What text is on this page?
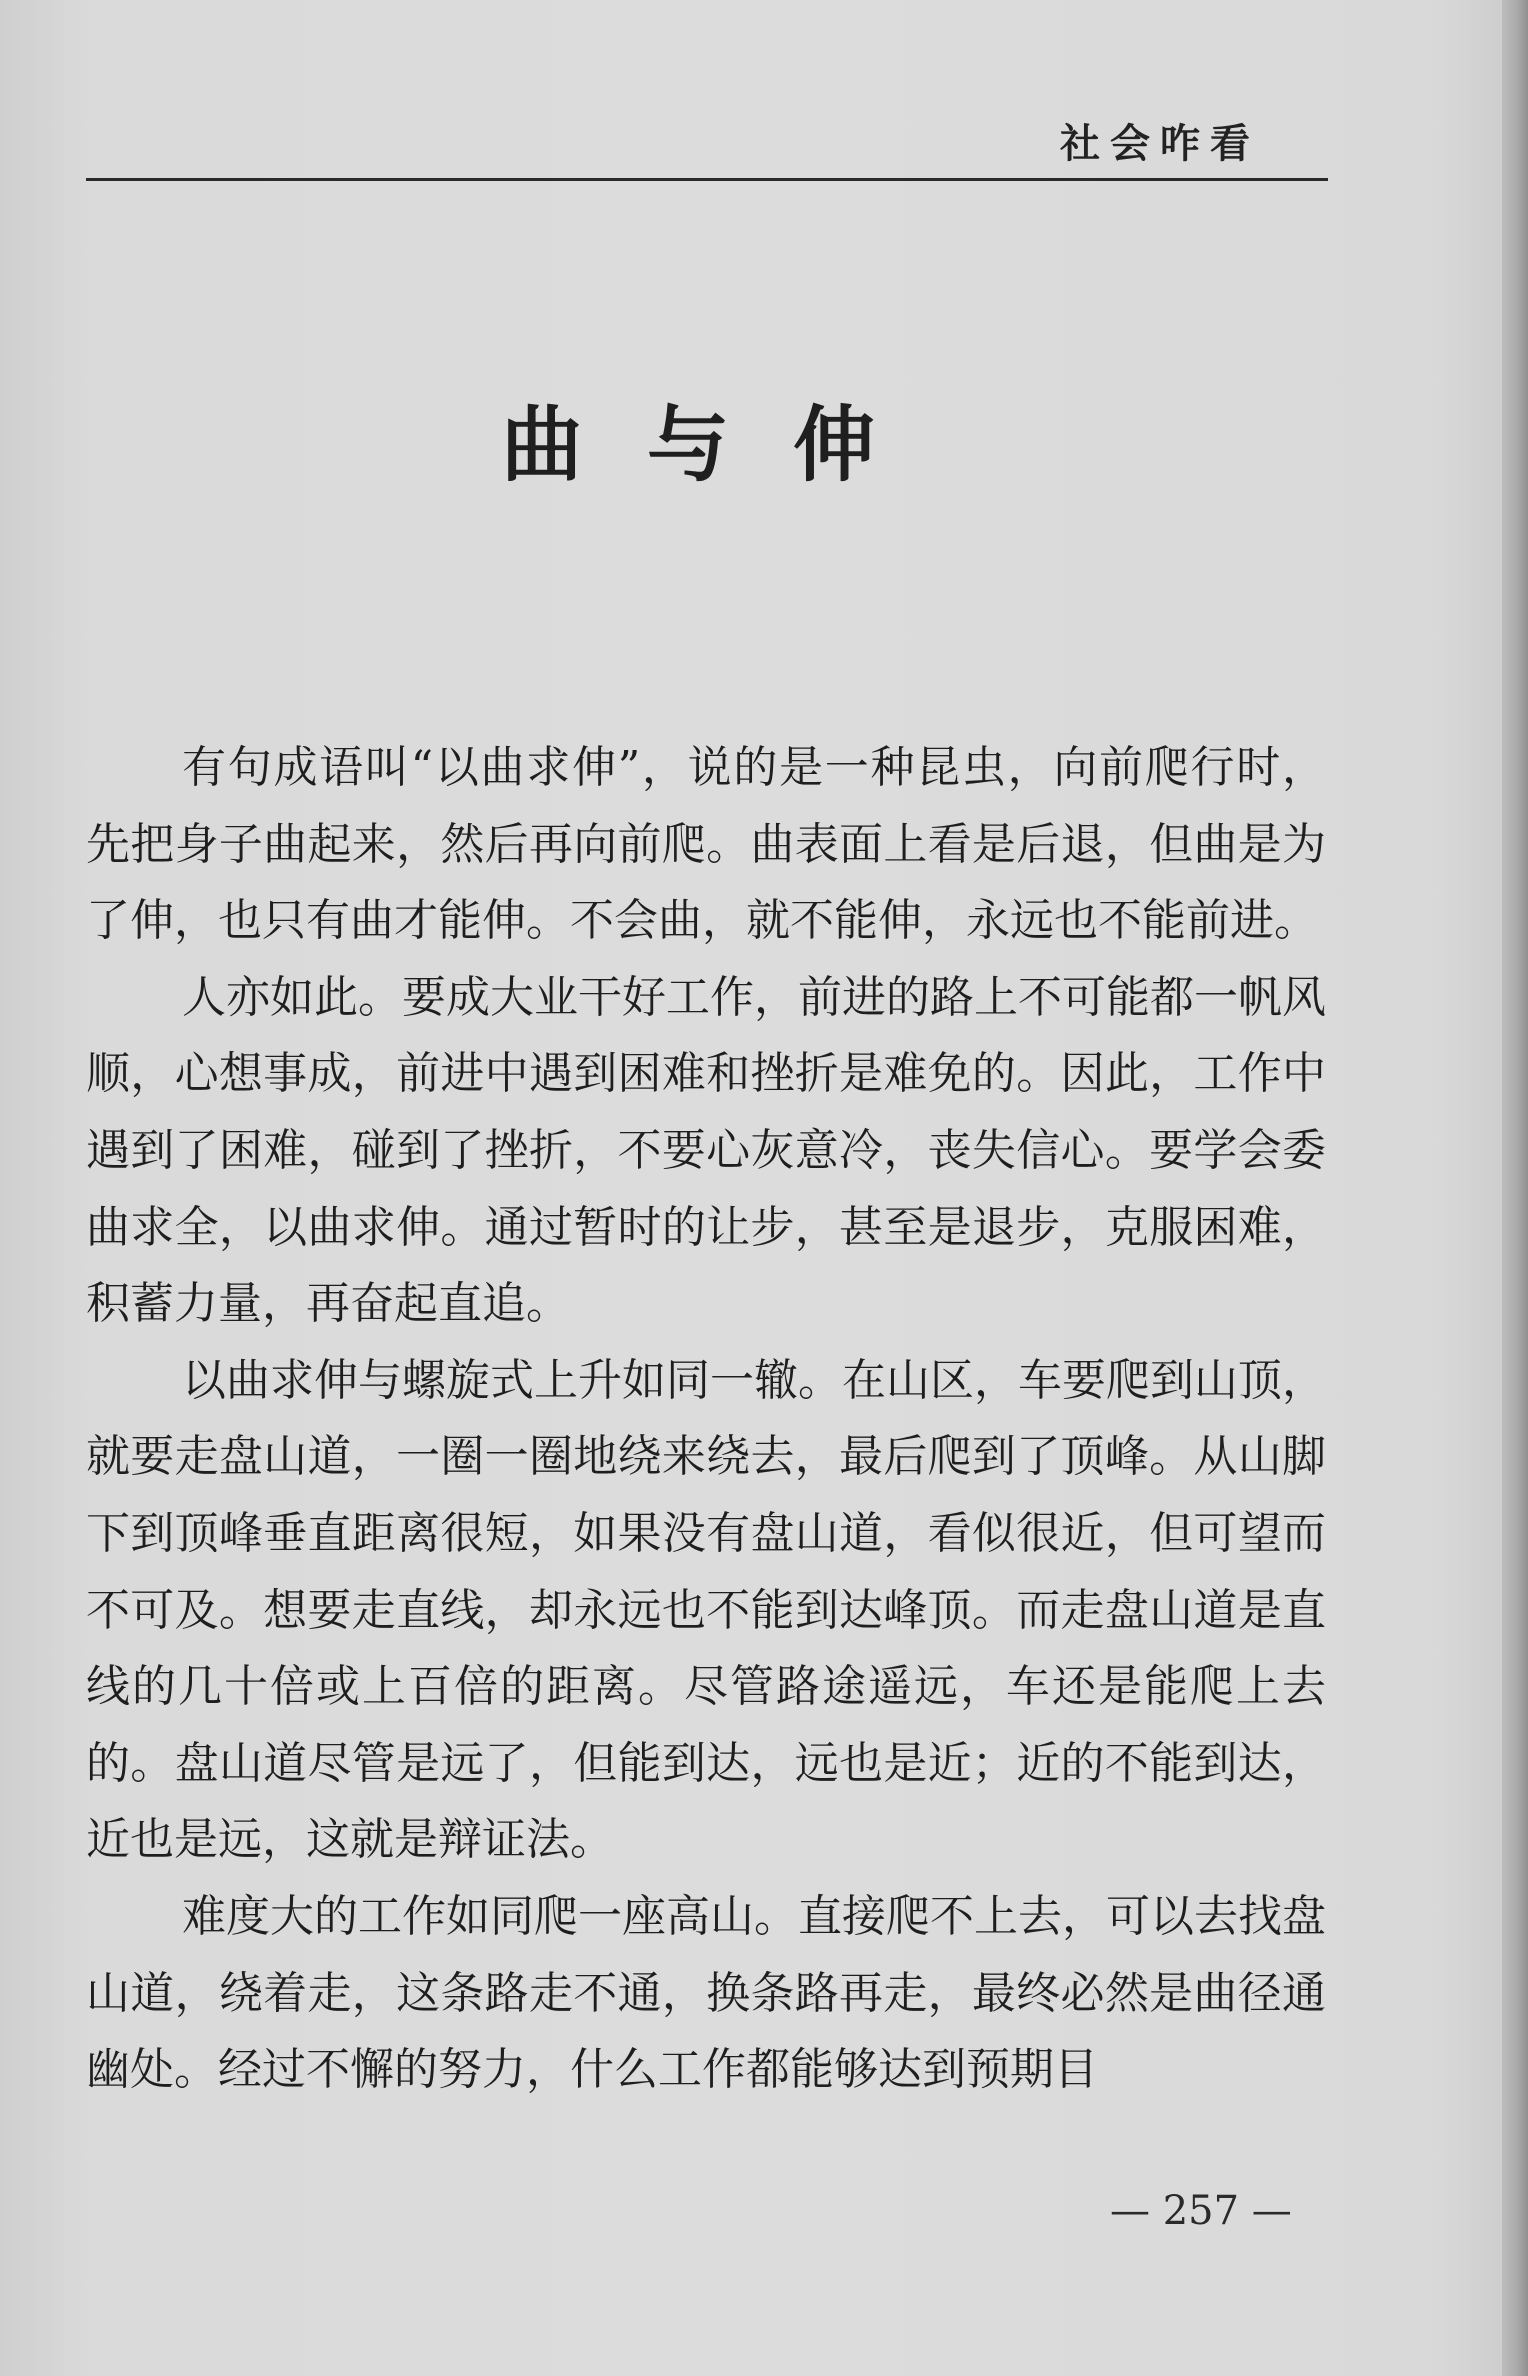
社会咋看
曲与伸

有句成语叫“以曲求伸”，说的是一种昆虫，向前爬行时，先把身子曲起来，然后再向前爬。曲表面上看是后退，但曲是为了伸，也只有曲才能伸。不会曲，就不能伸，永远也不能前进。

人亦如此。要成大业干好工作，前进的路上不可能都一帆风顺，心想事成，前进中遇到困难和挫折是难免的。因此，工作中遇到了困难，碰到了挫折，不要心灰意冷，丧失信心。要学会委曲求全，以曲求伸。通过暂时的让步，甚至是退步，克服困难，积蓄力量，再奋起直追。

以曲求伸与螺旋式上升如同一辙。在山区，车要爬到山顶，就要走盘山道，一圈一圈地绕来绕去，最后爬到了顶峰。从山脚下到顶峰垂直距离很短，如果没有盘山道，看似很近，但可望而不可及。想要走直线，却永远也不能到达峰顶。而走盘山道是直线的几十倍或上百倍的距离。尽管路途遥远，车还是能爬上去的。盘山道尽管是远了，但能到达，远也是近；近的不能到达，近也是远，这就是辩证法。

难度大的工作如同爬一座高山。直接爬不上去，可以去找盘山道，绕着走，这条路走不通，换条路再走，最终必然是曲径通幽处。经过不懈的努力，什么工作都能够达到预期目

— 257 —
